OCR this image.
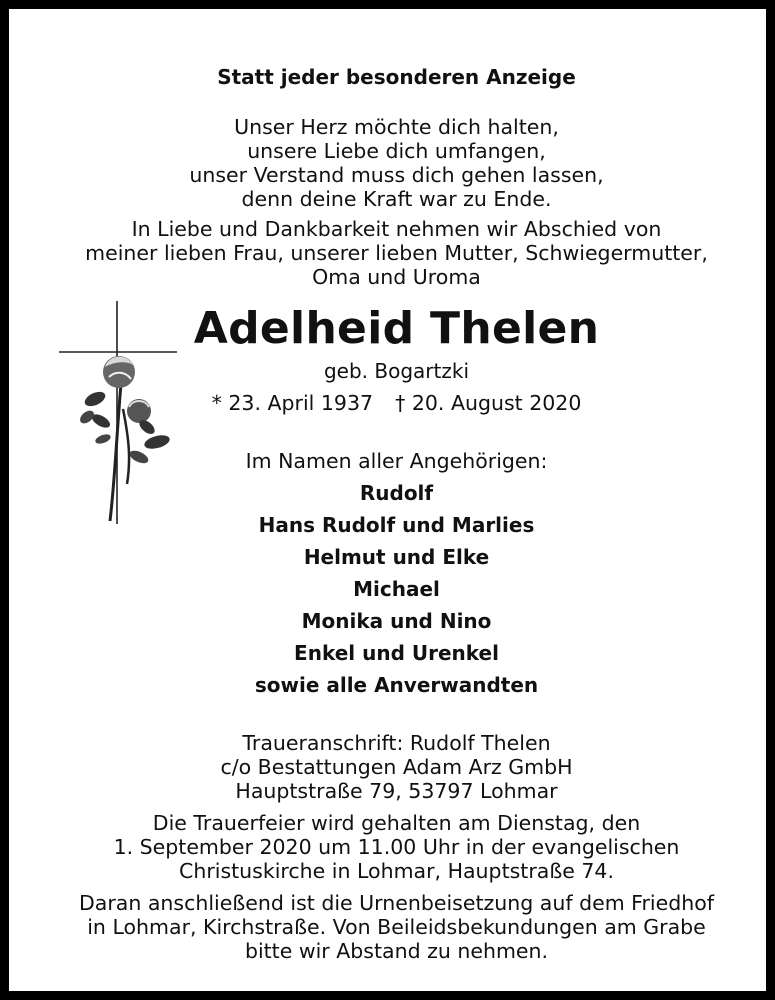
Statt jeder besonderen Anzeige
Unser Herz möchte dich halten,
unsere Liebe dich umfangen,
unser Verstand muss dich gehen lassen,
denn deine Kraft war zu Ende.
In Liebe und Dankbarkeit nehmen wir Abschied von
meiner lieben Frau, unserer lieben Mutter, Schwiegermutter,
Oma und Uroma
Adelheid Thelen
geb. Bogartzki
* 23. April 1937 † 20. August 2020
Im Namen aller Angehörigen:
Rudolf
Hans Rudolf und Marlies
Helmut und Elke
Michael
Monika und Nino
Enkel und Urenkel
sowie alle Anverwandten
Traueranschrift: Rudolf Thelen
c/o Bestattungen Adam Arz GmbH
Hauptstraße 79, 53797 Lohmar
Die Trauerfeier wird gehalten am Dienstag, den
1. September 2020 um 11.00 Uhr in der evangelischen
Christuskirche in Lohmar, Hauptstraße 74.
Daran anschließend ist die Urnenbeisetzung auf dem Friedhof
in Lohmar, Kirchstraße. Von Beileidsbekundungen am Grabe
bitte wir Abstand zu nehmen.
